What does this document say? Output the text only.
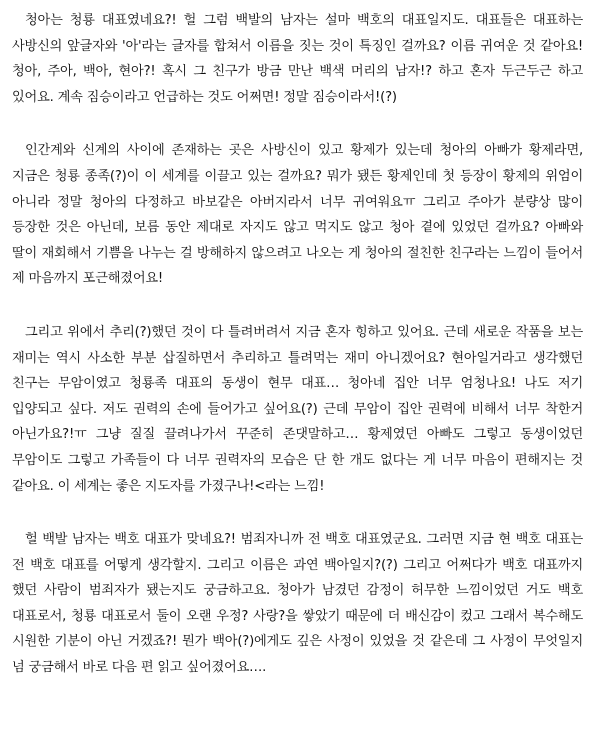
청아는 청룡 대표였네요?! 헐 그럼 백발의 남자는 설마 백호의 대표일지도. 대표들은 대표하는 사방신의 앞글자와 '아'라는 글자를 합쳐서 이름을 짓는 것이 특징인 걸까요? 이름 귀여운 것 같아요! 청아, 주아, 백아, 현아?! 혹시 그 친구가 방금 만난 백색 머리의 남자!? 하고 혼자 두근두근 하고 있어요. 계속 짐승이라고 언급하는 것도 어쩌면! 정말 짐승이라서!(?)

인간계와 신계의 사이에 존재하는 곳은 사방신이 있고 황제가 있는데 청아의 아빠가 황제라면, 지금은 청룡 종족(?)이 이 세계를 이끌고 있는 걸까요? 뭐가 됐든 황제인데 첫 등장이 황제의 위엄이 아니라 정말 청아의 다정하고 바보같은 아버지라서 너무 귀여워요ㅠ 그리고 주아가 분량상 많이 등장한 것은 아닌데, 보름 동안 제대로 자지도 않고 먹지도 않고 청아 곁에 있었던 걸까요? 아빠와 딸이 재회해서 기쁨을 나누는 걸 방해하지 않으려고 나오는 게 청아의 절친한 친구라는 느낌이 들어서 제 마음까지 포근해졌어요!

그리고 위에서 추리(?)했던 것이 다 틀려버려서 지금 혼자 힝하고 있어요. 근데 새로운 작품을 보는 재미는 역시 사소한 부분 삽질하면서 추리하고 틀려먹는 재미 아니겠어요? 현아일거라고 생각했던 친구는 무암이였고 청룡족 대표의 동생이 현무 대표… 청아네 집안 너무 엄청나요! 나도 저기 입양되고 싶다. 저도 권력의 손에 들어가고 싶어요(?) 근데 무암이 집안 권력에 비해서 너무 착한거 아닌가요?!ㅠ 그냥 질질 끌려나가서 꾸준히 존댓말하고… 황제였던 아빠도 그렇고 동생이었던 무암이도 그렇고 가족들이 다 너무 권력자의 모습은 단 한 개도 없다는 게 너무 마음이 편해지는 것 같아요. 이 세계는 좋은 지도자를 가졌구나!<라는 느낌!

헐 백발 남자는 백호 대표가 맞네요?! 범죄자니까 전 백호 대표였군요. 그러면 지금 현 백호 대표는 전 백호 대표를 어떻게 생각할지. 그리고 이름은 과연 백아일지?(?) 그리고 어쩌다가 백호 대표까지 했던 사람이 범죄자가 됐는지도 궁금하고요. 청아가 남겼던 감정이 허무한 느낌이었던 거도 백호 대표로서, 청룡 대표로서 둘이 오랜 우정? 사랑?을 쌓았기 때문에 더 배신감이 컸고 그래서 복수해도 시원한 기분이 아닌 거겠죠?! 뭔가 백아(?)에게도 깊은 사정이 있었을 것 같은데 그 사정이 무엇일지 넘 궁금해서 바로 다음 편 읽고 싶어졌어요….
